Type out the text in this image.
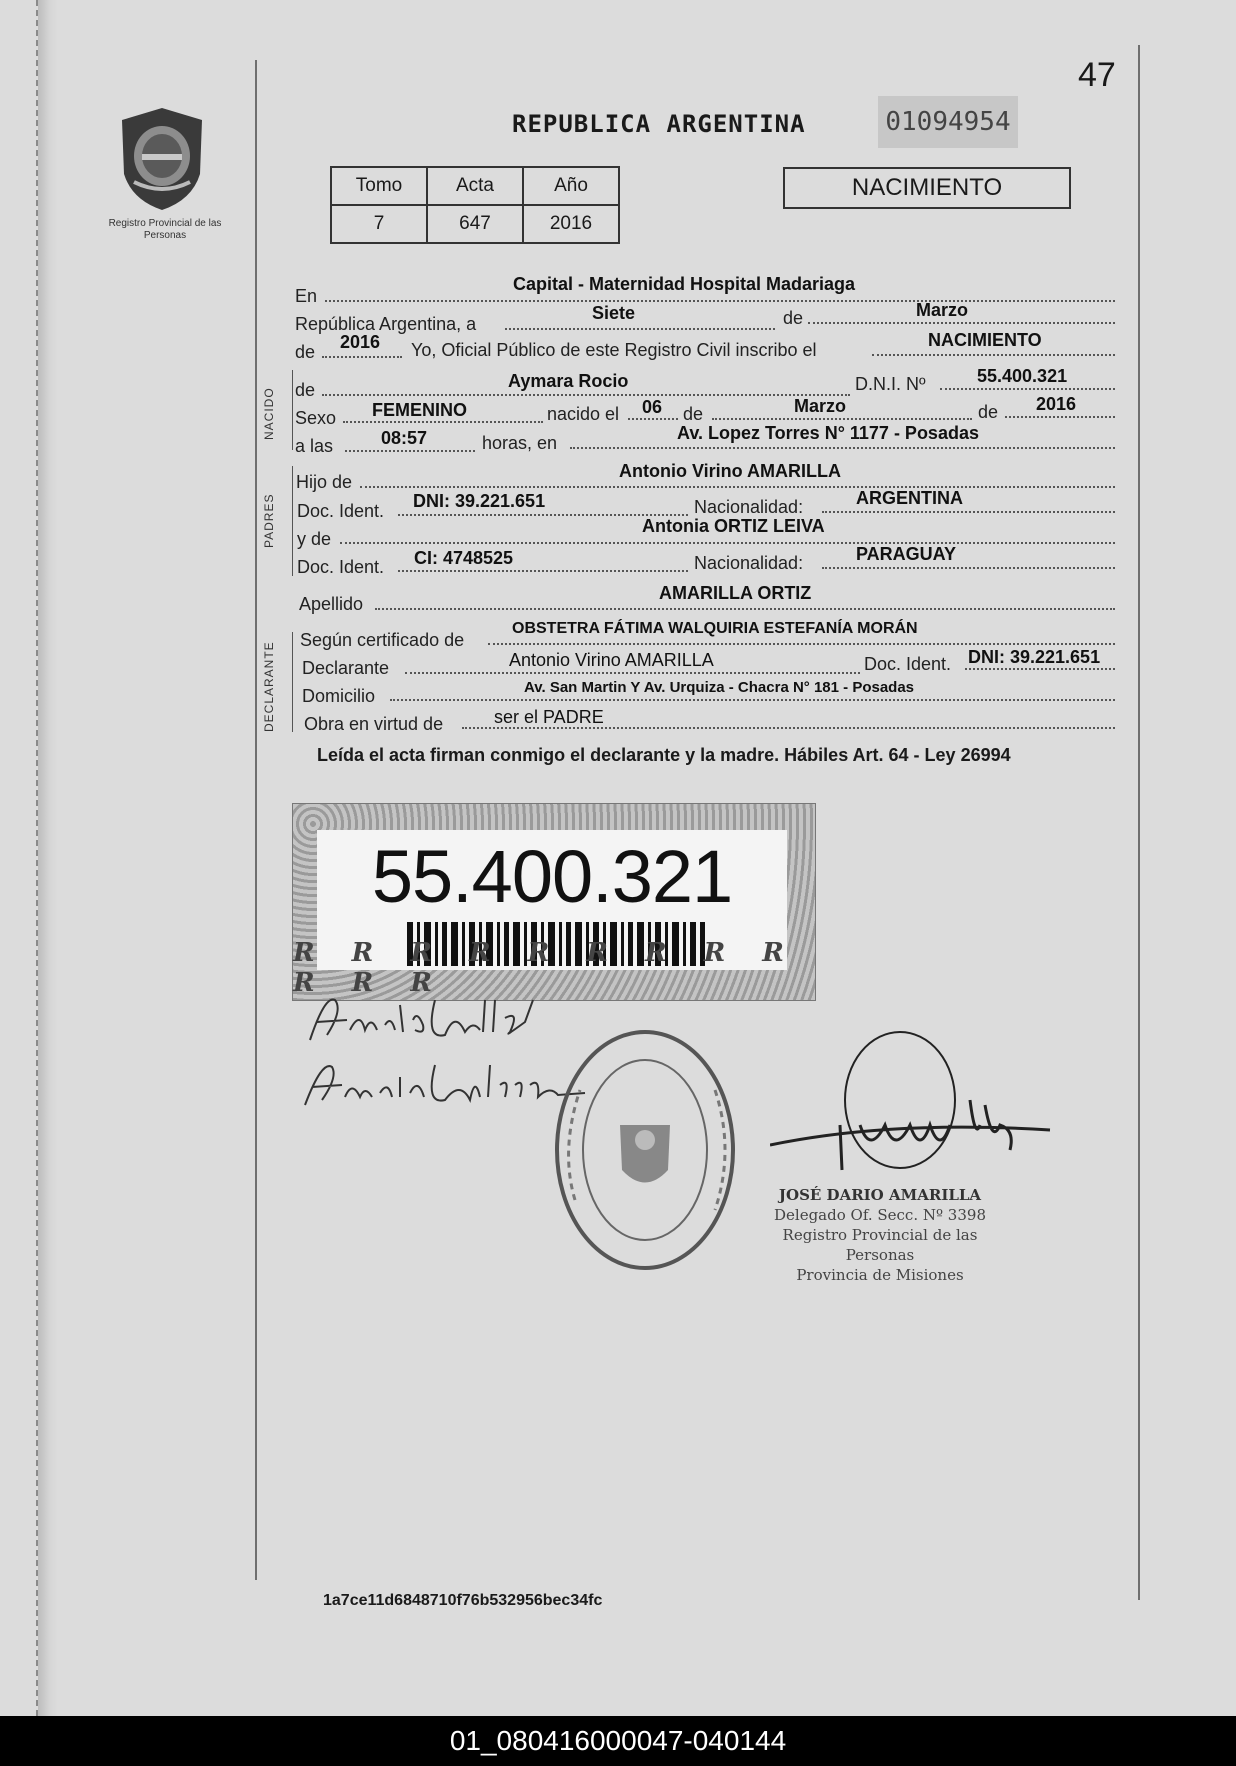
Registro Provincial de las Personas
47
REPUBLICA ARGENTINA	01094954
Tomo	Acta	Año
7	647	2016
NACIMIENTO
En
Capital - Maternidad Hospital Madariaga
República Argentina, a
Siete	de	Marzo
de 2016 Yo, Oficial Público de este Registro Civil inscribo el	NACIMIENTO
NACIDO de	Aymara Rocio	D.N.I. Nº	55.400.321
Sexo FEMENINO	nacido el 06 de	Marzo	de 2016
a las	08:57	horas, en	Av. Lopez Torres N° 1177 - Posadas
PADRES
Hijo de
Antonio Virino AMARILLA
Doc. Ident. DNI: 39.221.651	Nacionalidad:	ARGENTINA
y de
Antonia ORTIZ LEIVA
Doc. Ident. CI: 4748525	Nacionalidad:	PARAGUAY
Apellido
AMARILLA ORTIZ
DECLARANTE
Según certificado de
OBSTETRA FÁTIMA WALQUIRIA ESTEFANÍA MORÁN
Declarante	Antonio Virino AMARILLA	Doc. Ident. DNI: 39.221.651
Domicilio	Av. San Martin Y Av. Urquiza - Chacra N° 181 - Posadas
Obra en virtud de	ser el PADRE
Leída el acta firman conmigo el declarante y la madre. Hábiles Art. 64 - Ley 26994
55.400.321
R R R R R R R R R R R R
JOSÉ DARIO AMARILLA
Delegado Of. Secc. Nº 3398
Registro Provincial de las Personas
Provincia de Misiones
1a7ce11d6848710f76b532956bec34fc
01_080416000047-040144
